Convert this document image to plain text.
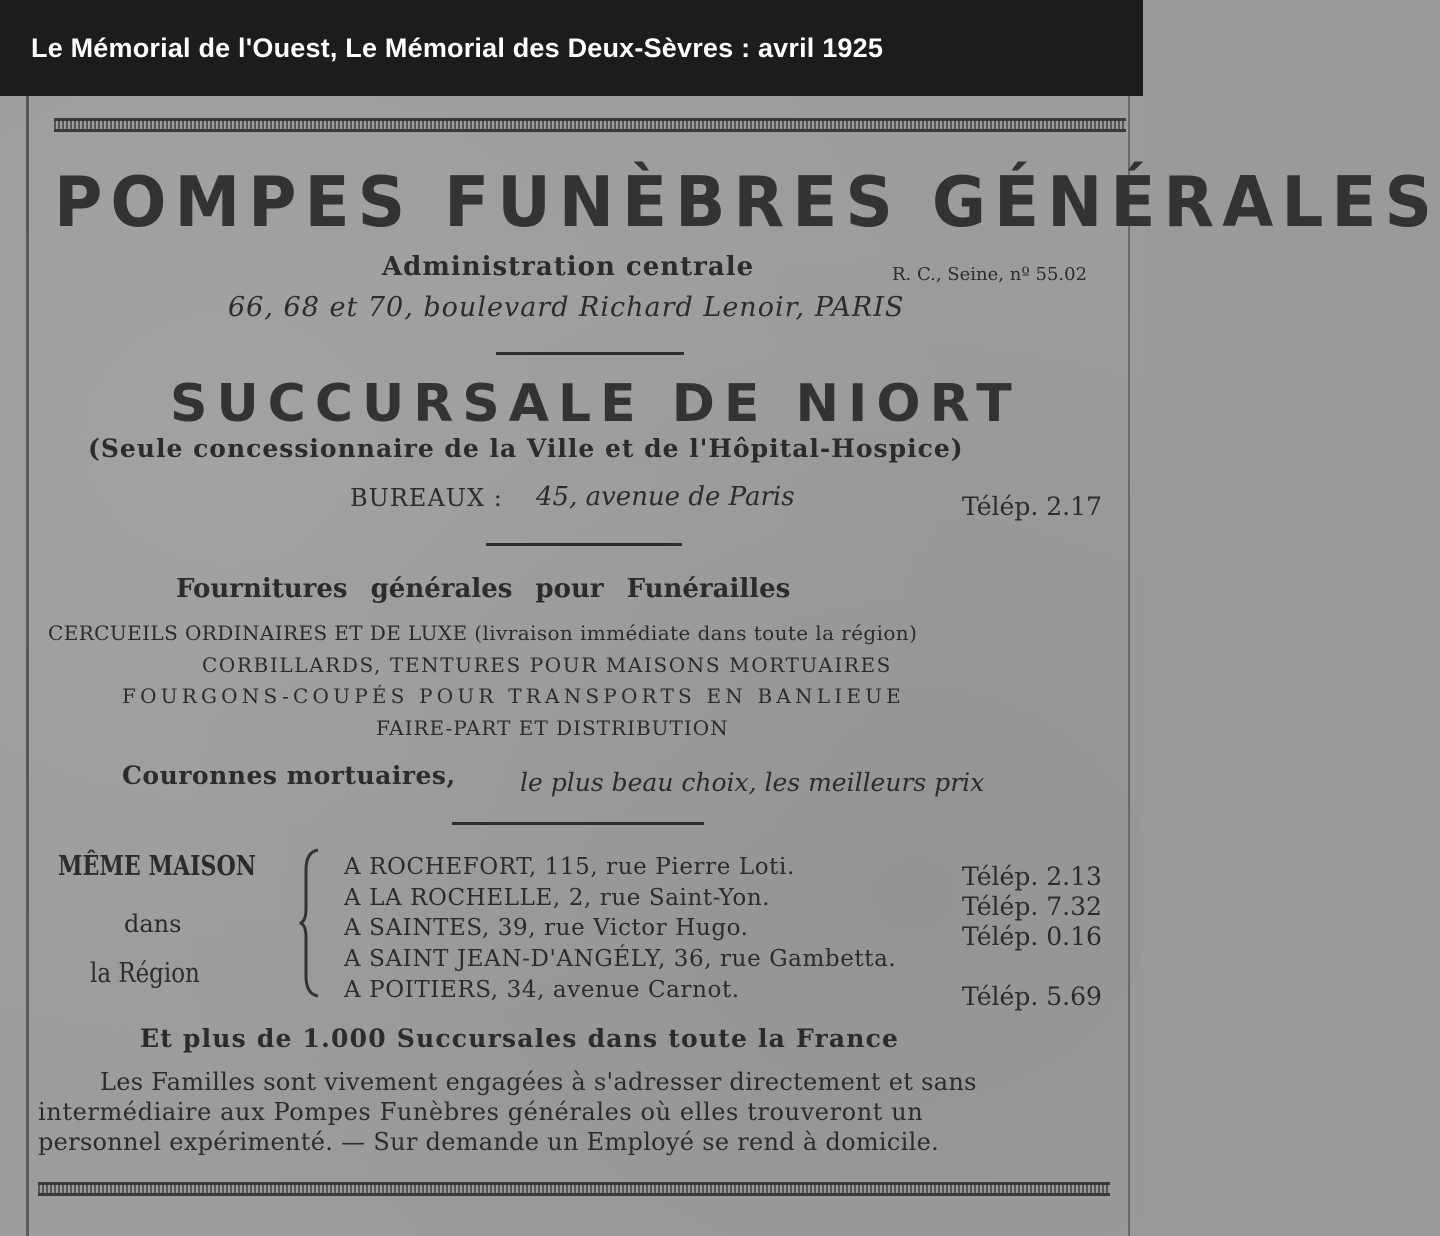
Le Mémorial de l'Ouest, Le Mémorial des Deux-Sèvres : avril 1925
POMPES FUNÈBRES GÉNÉRALES
Administration centrale	R. C., Seine, nº 55.02
66, 68 et 70, boulevard Richard Lenoir, PARIS
SUCCURSALE DE NIORT
(Seule concessionnaire de la Ville et de l'Hôpital-Hospice)
BUREAUX : 45, avenue de Paris	Télép. 2.17
Fournitures générales pour Funérailles
CERCUEILS ORDINAIRES ET DE LUXE (livraison immédiate dans toute la région)
CORBILLARDS, TENTURES POUR MAISONS MORTUAIRES
FOURGONS-COUPÉS POUR TRANSPORTS EN BANLIEUE
FAIRE-PART ET DISTRIBUTION
Couronnes mortuaires,	le plus beau choix, les meilleurs prix
MÊME MAISON
dans
la Région
A ROCHEFORT, 115, rue Pierre Loti.	Télép. 2.13
A LA ROCHELLE, 2, rue Saint-Yon.	Télép. 7.32
A SAINTES, 39, rue Victor Hugo.	Télép. 0.16
A SAINT JEAN-D'ANGÉLY, 36, rue Gambetta.
A POITIERS, 34, avenue Carnot.	Télép. 5.69
Et plus de 1.000 Succursales dans toute la France
Les Familles sont vivement engagées à s'adresser directement et sans
intermédiaire aux Pompes Funèbres générales où elles trouveront un
personnel expérimenté. — Sur demande un Employé se rend à domicile.
